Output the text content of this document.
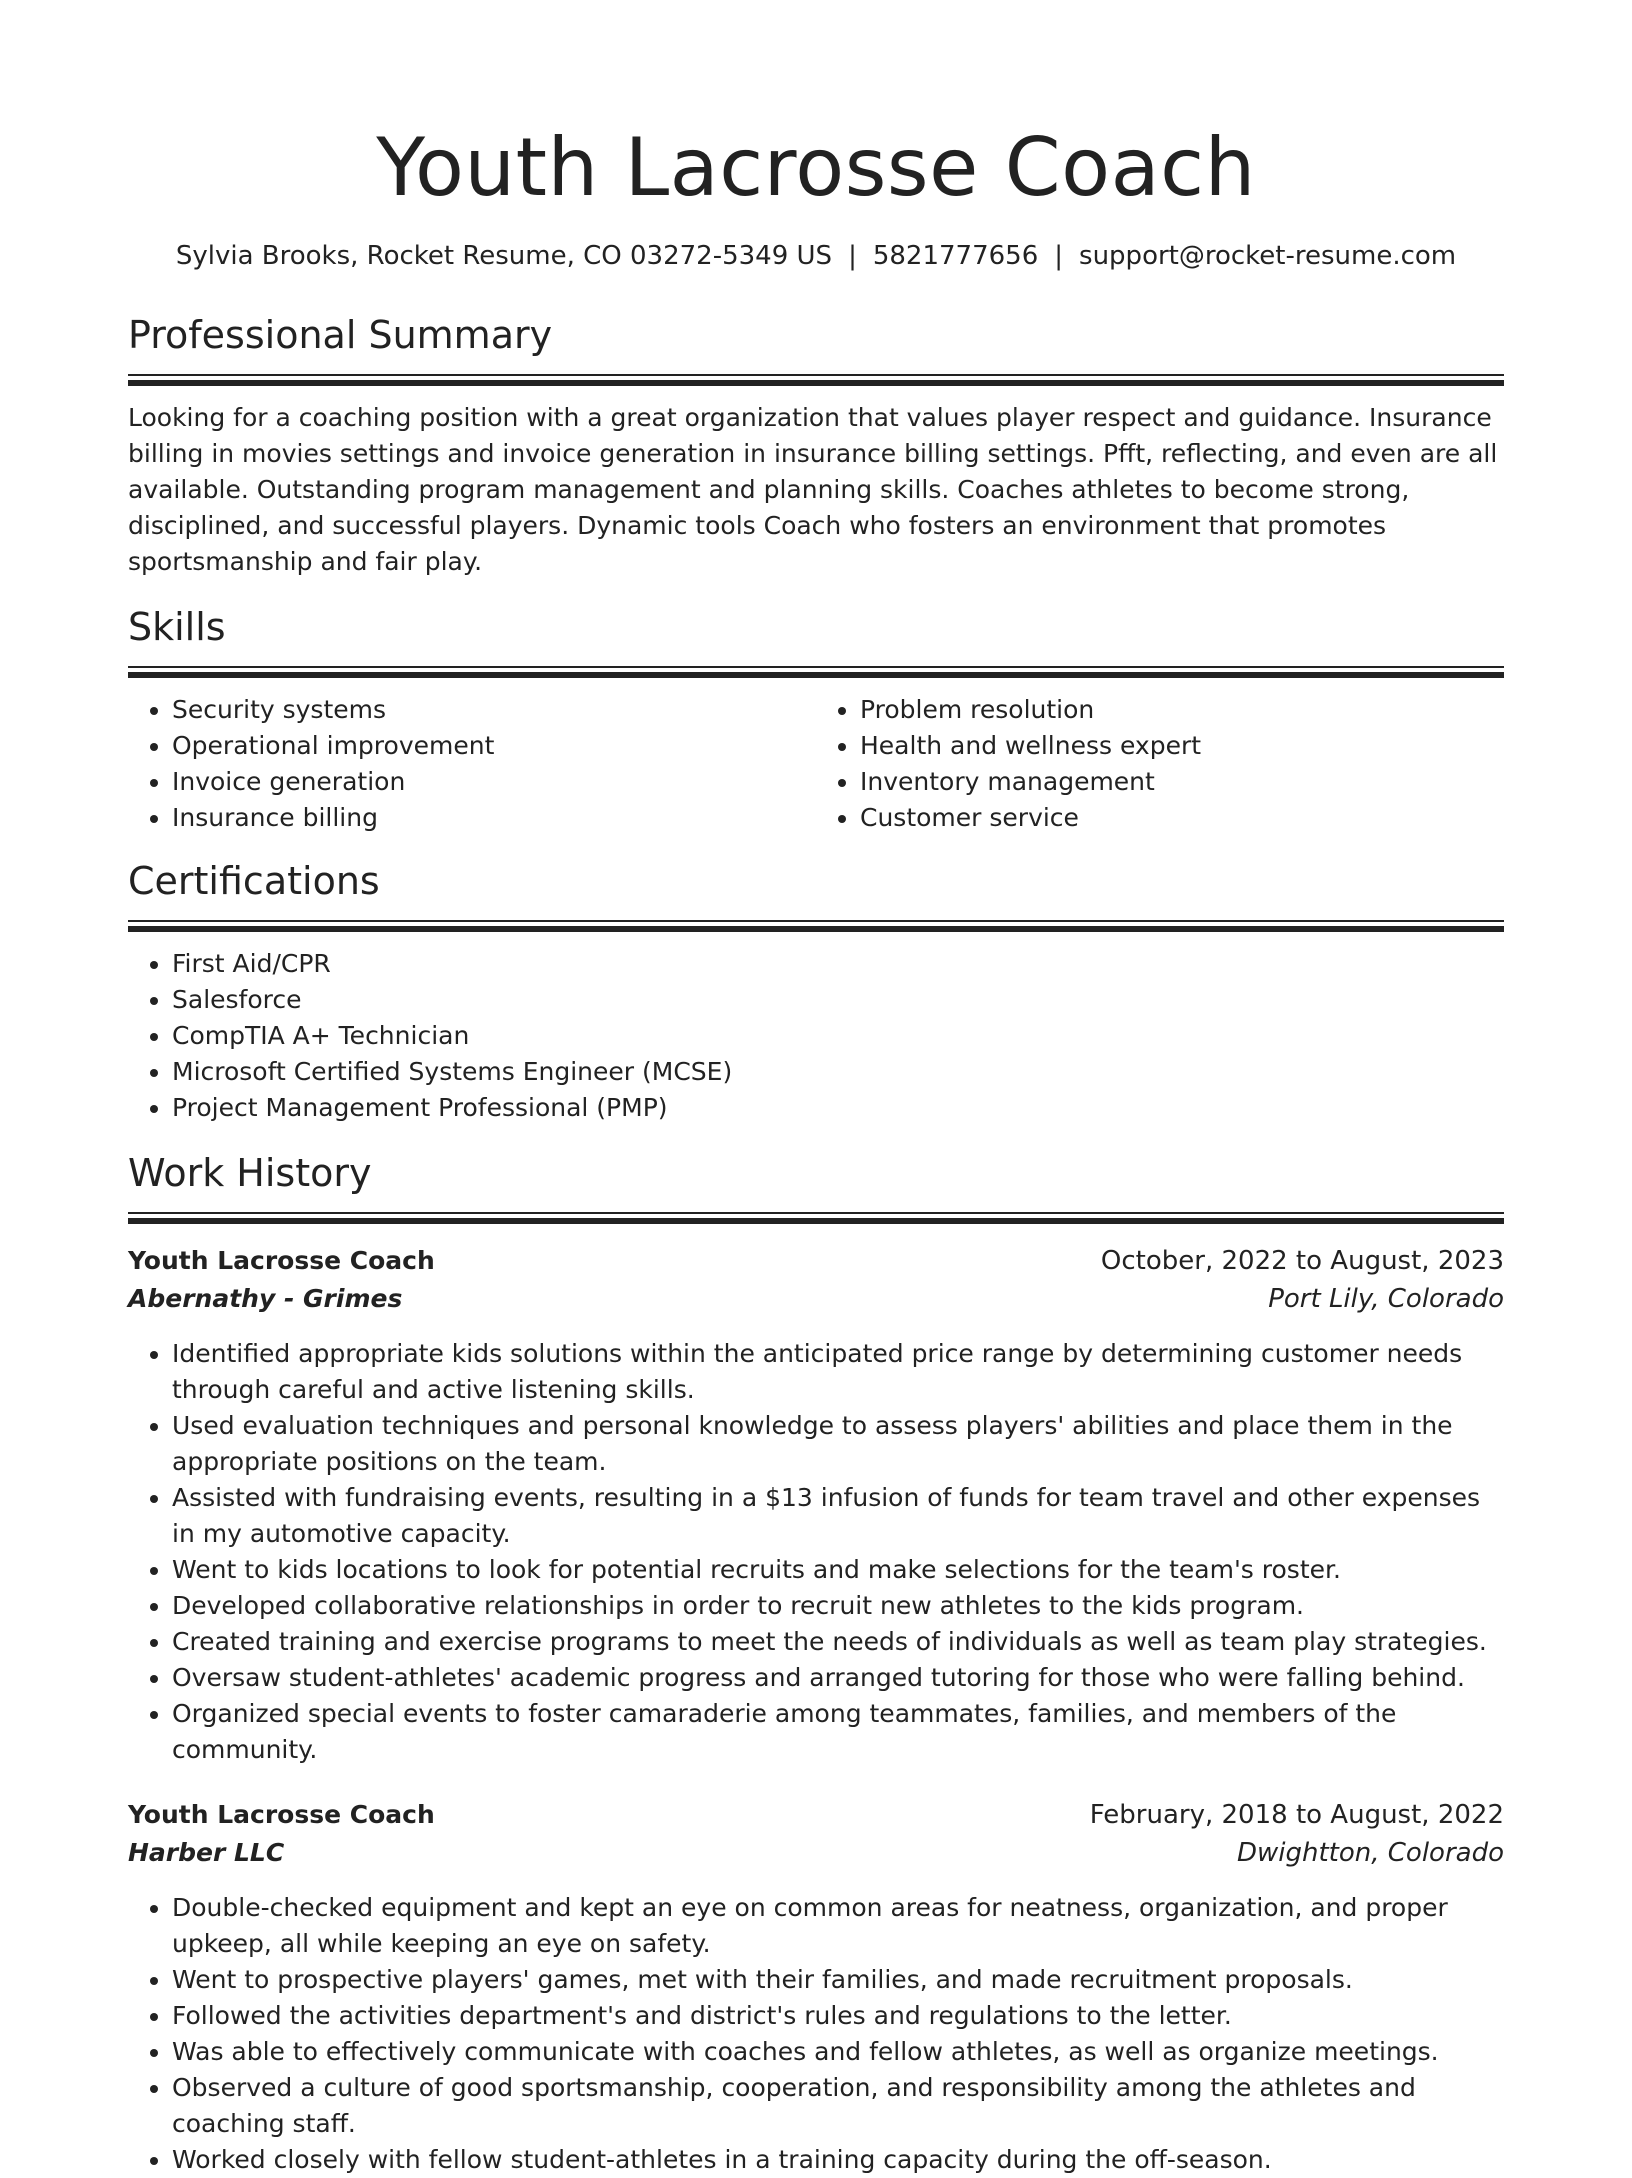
Youth Lacrosse Coach
Sylvia Brooks, Rocket Resume, CO 03272-5349 US | 5821777656 | support@rocket-resume.com
Professional Summary

Looking for a coaching position with a great organization that values player respect and guidance. Insurance billing in movies settings and invoice generation in insurance billing settings. Pfft, reflecting, and even are all available. Outstanding program management and planning skills. Coaches athletes to become strong, disciplined, and successful players. Dynamic tools Coach who fosters an environment that promotes sportsmanship and fair play.

Skills
• Security systems
• Operational improvement
• Invoice generation
• Insurance billing
• Problem resolution
• Health and wellness expert
• Inventory management
• Customer service
Certifications
• First Aid/CPR
• Salesforce
• CompTIA A+ Technician
• Microsoft Certified Systems Engineer (MCSE)
• Project Management Professional (PMP)
Work History
Youth Lacrosse Coach	October, 2022 to August, 2023
Abernathy - Grimes	Port Lily, Colorado
• Identified appropriate kids solutions within the anticipated price range by determining customer needs through careful and active listening skills.
• Used evaluation techniques and personal knowledge to assess players' abilities and place them in the appropriate positions on the team.
• Assisted with fundraising events, resulting in a $13 infusion of funds for team travel and other expenses in my automotive capacity.
• Went to kids locations to look for potential recruits and make selections for the team's roster.
• Developed collaborative relationships in order to recruit new athletes to the kids program.
• Created training and exercise programs to meet the needs of individuals as well as team play strategies.
• Oversaw student-athletes' academic progress and arranged tutoring for those who were falling behind.
• Organized special events to foster camaraderie among teammates, families, and members of the community.
Youth Lacrosse Coach	February, 2018 to August, 2022
Harber LLC	Dwightton, Colorado
• Double-checked equipment and kept an eye on common areas for neatness, organization, and proper upkeep, all while keeping an eye on safety.
• Went to prospective players' games, met with their families, and made recruitment proposals.
• Followed the activities department's and district's rules and regulations to the letter.
• Was able to effectively communicate with coaches and fellow athletes, as well as organize meetings.
• Observed a culture of good sportsmanship, cooperation, and responsibility among the athletes and coaching staff.
• Worked closely with fellow student-athletes in a training capacity during the off-season.
